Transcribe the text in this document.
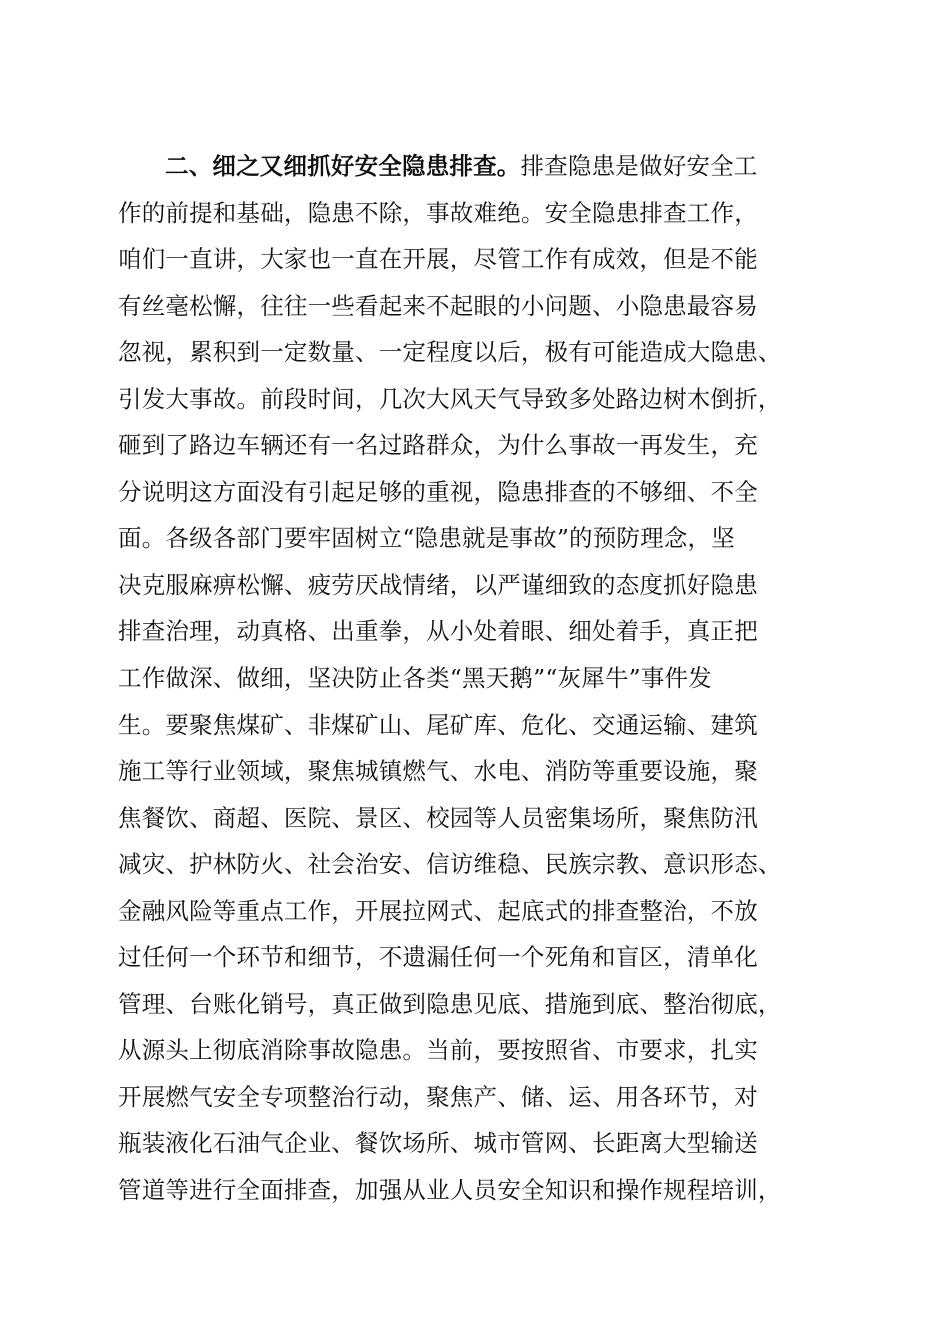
二、细之又细抓好安全隐患排查。排查隐患是做好安全工
作的前提和基础，隐患不除，事故难绝。安全隐患排查工作，
咱们一直讲，大家也一直在开展，尽管工作有成效，但是不能
有丝毫松懈，往往一些看起来不起眼的小问题、小隐患最容易
忽视，累积到一定数量、一定程度以后，极有可能造成大隐患、
引发大事故。前段时间，几次大风天气导致多处路边树木倒折，
砸到了路边车辆还有一名过路群众，为什么事故一再发生，充
分说明这方面没有引起足够的重视，隐患排查的不够细、不全
面。各级各部门要牢固树立“隐患就是事故”的预防理念，坚
决克服麻痹松懈、疲劳厌战情绪，以严谨细致的态度抓好隐患
排查治理，动真格、出重拳，从小处着眼、细处着手，真正把
工作做深、做细，坚决防止各类“黑天鹅”“灰犀牛”事件发
生。要聚焦煤矿、非煤矿山、尾矿库、危化、交通运输、建筑
施工等行业领域，聚焦城镇燃气、水电、消防等重要设施，聚
焦餐饮、商超、医院、景区、校园等人员密集场所，聚焦防汛
减灾、护林防火、社会治安、信访维稳、民族宗教、意识形态、
金融风险等重点工作，开展拉网式、起底式的排查整治，不放
过任何一个环节和细节，不遗漏任何一个死角和盲区，清单化
管理、台账化销号，真正做到隐患见底、措施到底、整治彻底，
从源头上彻底消除事故隐患。当前，要按照省、市要求，扎实
开展燃气安全专项整治行动，聚焦产、储、运、用各环节，对
瓶装液化石油气企业、餐饮场所、城市管网、长距离大型输送
管道等进行全面排查，加强从业人员安全知识和操作规程培训，
